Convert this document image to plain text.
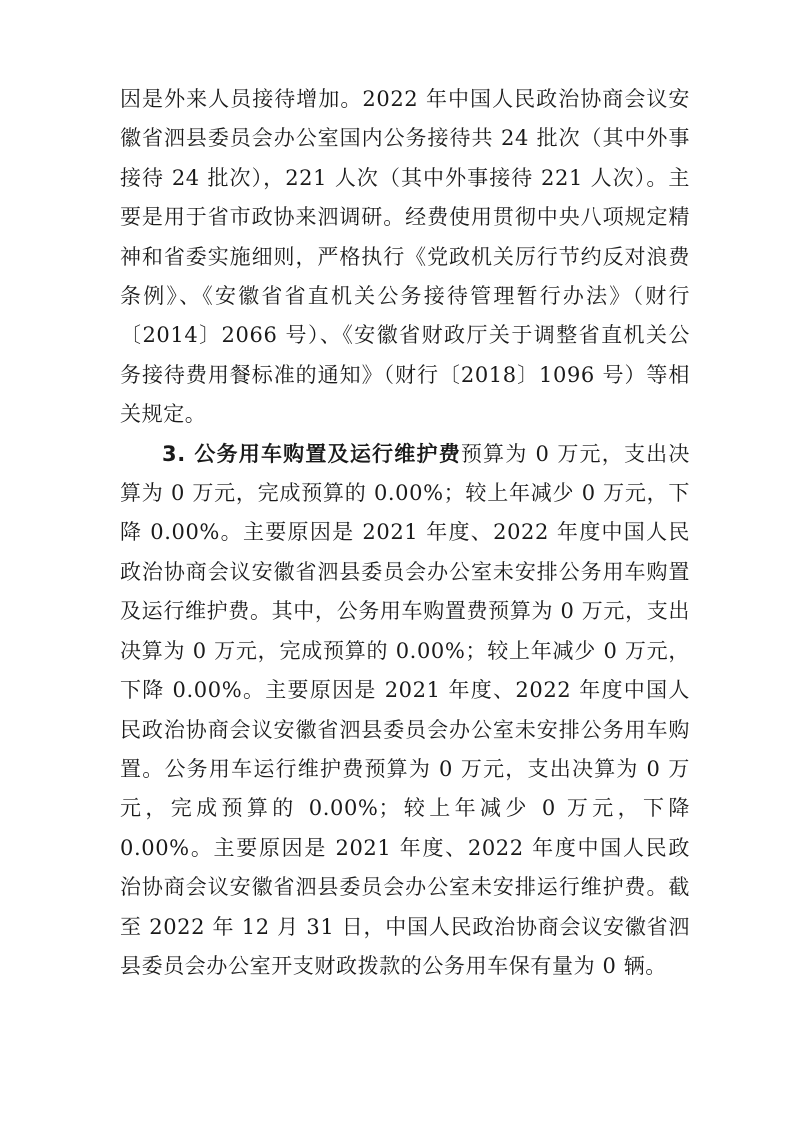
因是外来人员接待增加。2022 年中国人民政治协商会议安徽省泗县委员会办公室国内公务接待共 24 批次（其中外事接待 24 批次），221 人次（其中外事接待 221 人次）。主要是用于省市政协来泗调研。经费使用贯彻中央八项规定精神和省委实施细则，严格执行《党政机关厉行节约反对浪费条例》、《安徽省省直机关公务接待管理暂行办法》（财行〔2014〕2066 号）、《安徽省财政厅关于调整省直机关公务接待费用餐标准的通知》（财行〔2018〕1096 号）等相关规定。

3. 公务用车购置及运行维护费预算为 0 万元，支出决算为 0 万元，完成预算的 0.00%；较上年减少 0 万元，下降 0.00%。主要原因是 2021 年度、2022 年度中国人民政治协商会议安徽省泗县委员会办公室未安排公务用车购置及运行维护费。其中，公务用车购置费预算为 0 万元，支出决算为 0 万元，完成预算的 0.00%；较上年减少 0 万元，下降 0.00%。主要原因是 2021 年度、2022 年度中国人民政治协商会议安徽省泗县委员会办公室未安排公务用车购置。公务用车运行维护费预算为 0 万元，支出决算为 0 万元，完成预算的 0.00%；较上年减少 0 万元，下降 0.00%。主要原因是 2021 年度、2022 年度中国人民政治协商会议安徽省泗县委员会办公室未安排运行维护费。截至 2022 年 12 月 31 日，中国人民政治协商会议安徽省泗县委员会办公室开支财政拨款的公务用车保有量为 0 辆。
